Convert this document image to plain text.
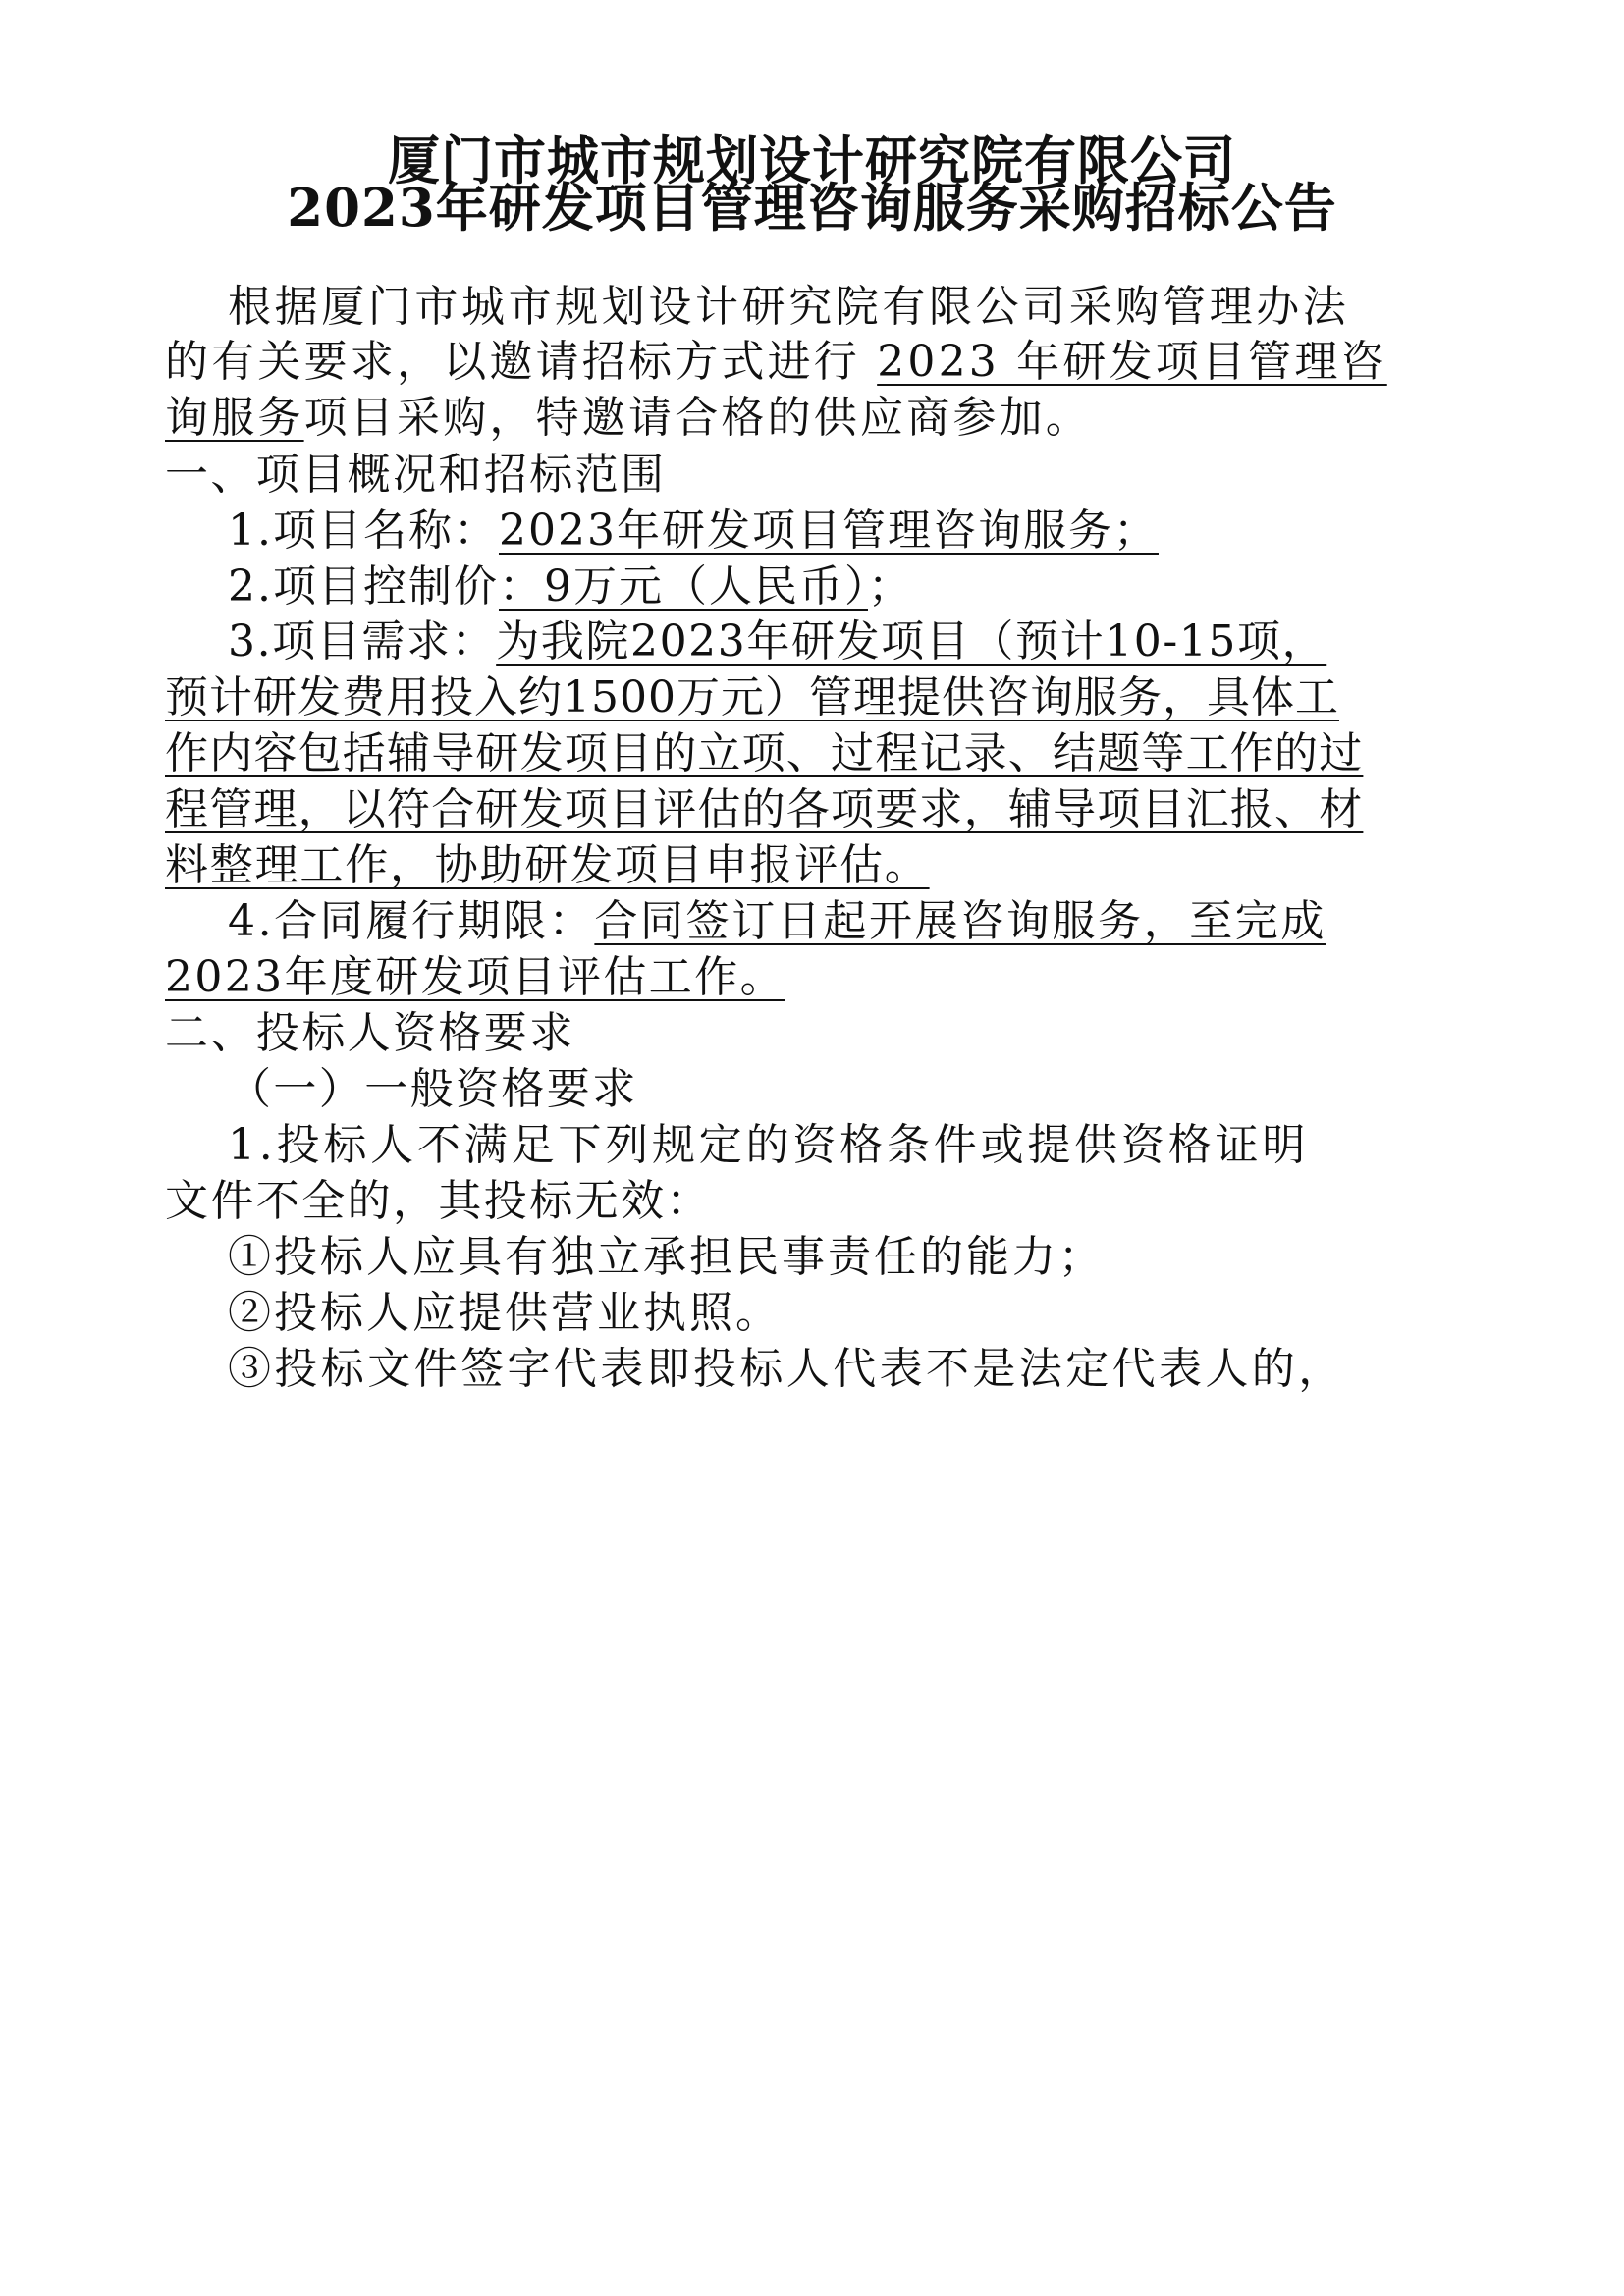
厦门市城市规划设计研究院有限公司
2023年研发项目管理咨询服务采购招标公告
根据厦门市城市规划设计研究院有限公司采购管理办法
的有关要求，以邀请招标方式进行 2023 年研发项目管理咨
询服务项目采购，特邀请合格的供应商参加。
一、项目概况和招标范围
1.项目名称：2023年研发项目管理咨询服务；
2.项目控制价：9万元（人民币）；
3.项目需求：为我院2023年研发项目（预计10-15项，
预计研发费用投入约1500万元）管理提供咨询服务，具体工
作内容包括辅导研发项目的立项、过程记录、结题等工作的过
程管理，以符合研发项目评估的各项要求，辅导项目汇报、材
料整理工作，协助研发项目申报评估。
4.合同履行期限：合同签订日起开展咨询服务，至完成
2023年度研发项目评估工作。
二、投标人资格要求
（一）一般资格要求
1.投标人不满足下列规定的资格条件或提供资格证明
文件不全的，其投标无效：
①投标人应具有独立承担民事责任的能力；
②投标人应提供营业执照。
③投标文件签字代表即投标人代表不是法定代表人的，
